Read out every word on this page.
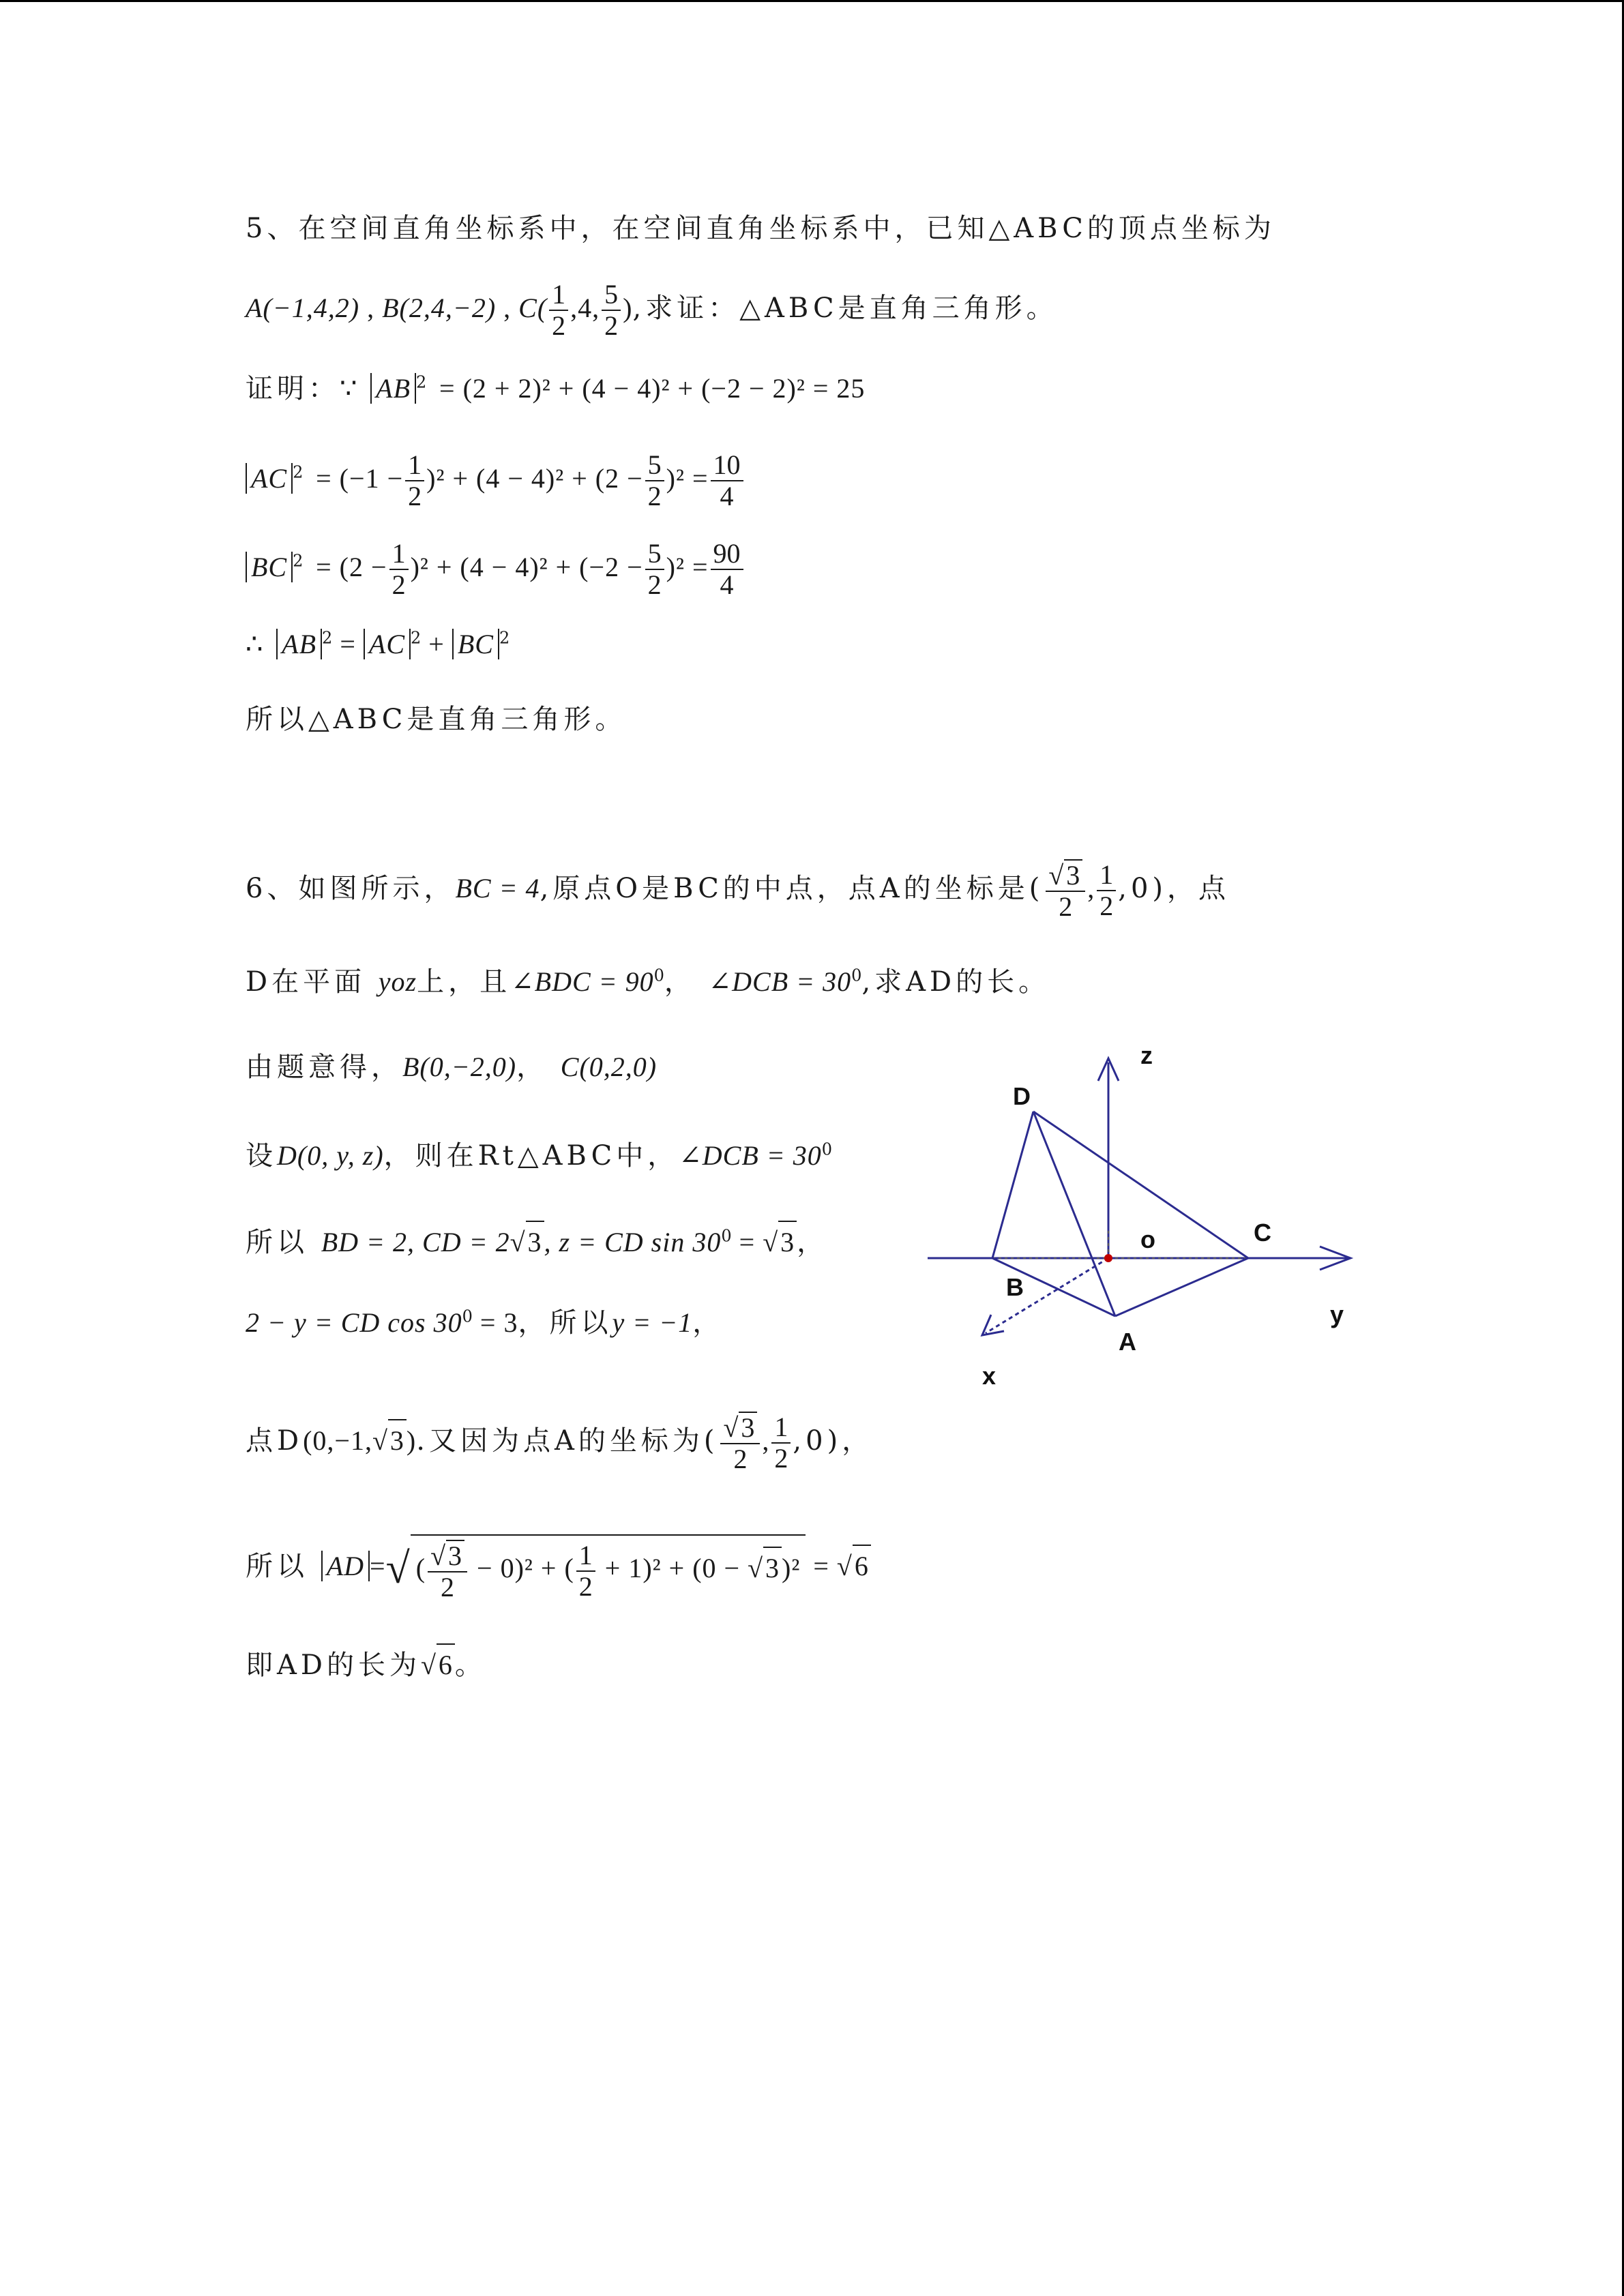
5、在空间直角坐标系中，在空间直角坐标系中，已知△ABC的顶点坐标为
A(−1,4,2) , B(2,4,−2) , $C( \frac{1}{2} ,4$, $\frac{5}{2}$ ),求证：△ABC是直角三角形。
证明：∵ AB $^2$ = (2 + 2)² + (4 − 4)² + (−2 − 2)² = 25
AC $^2 = (-1 - \frac{1}{2} )^2 + (4 - 4)^2 + (2 - \frac{5}{2} )^2 = \frac{10}{4}$
BC $^2 = (2 - \frac{1}{2} )^2 + (4 - 4)^2 + (-2 - \frac{5}{2} )^2 = \frac{90}{4}$
∴ AB $^2$ = AC $^2$ + BC $^2$
所以△ABC是直角三角形。
6、如图所示，BC = 4,原点O是BC的中点，点A的坐标是( $\frac{√3}{2}$ , $\frac{1}{2} ,0$)，点
D在平面 yoz上，且∠BDC = $90^0$， ∠DCB = $30^0$,求AD的长。
由题意得，B(0,−2,0)， C(0,2,0)
设D(0, y, z)，则在Rt△ABC中，∠DCB = $30^0$
所以 BD = 2, CD = 2√3, z = CD $\sin 30^0 = √3$，
2 − y = CD $\cos 30^0 = 3$，所以y = −1，
点D(0,−1,√3).又因为点A的坐标为( $\frac{√3}{2}$ , $\frac{1}{2} ,0$)，
所以 AD =√ ( $\frac{√3}{2} - 0)^2$ + ( $\frac{1}{2} + 1)^2 + (0 - √3)^2 = √6$
即AD的长为√6。
z
D
o	C
B
A
y
x
